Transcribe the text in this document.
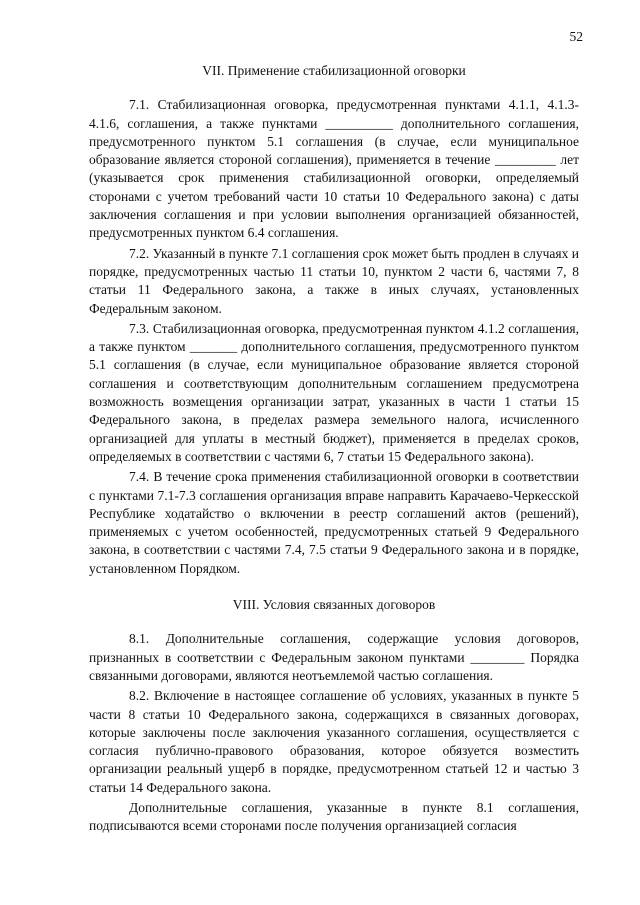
52
VII. Применение стабилизационной оговорки

7.1. Стабилизационная оговорка, предусмотренная пунктами 4.1.1, 4.1.3-4.1.6, соглашения, а также пунктами __________ дополнительного соглашения, предусмотренного пунктом 5.1 соглашения (в случае, если муниципальное образование является стороной соглашения), применяется в течение _________ лет (указывается срок применения стабилизационной оговорки, определяемый сторонами с учетом требований части 10 статьи 10 Федерального закона) с даты заключения соглашения и при условии выполнения организацией обязанностей, предусмотренных пунктом 6.4 соглашения.

7.2. Указанный в пункте 7.1 соглашения срок может быть продлен в случаях и порядке, предусмотренных частью 11 статьи 10, пунктом 2 части 6, частями 7, 8 статьи 11 Федерального закона, а также в иных случаях, установленных Федеральным законом.

7.3. Стабилизационная оговорка, предусмотренная пунктом 4.1.2 соглашения, а также пунктом _______ дополнительного соглашения, предусмотренного пунктом 5.1 соглашения (в случае, если муниципальное образование является стороной соглашения и соответствующим дополнительным соглашением предусмотрена возможность возмещения организации затрат, указанных в части 1 статьи 15 Федерального закона, в пределах размера земельного налога, исчисленного организацией для уплаты в местный бюджет), применяется в пределах сроков, определяемых в соответствии с частями 6, 7 статьи 15 Федерального закона).

7.4. В течение срока применения стабилизационной оговорки в соответствии с пунктами 7.1-7.3 соглашения организация вправе направить Карачаево-Черкесской Республике ходатайство о включении в реестр соглашений актов (решений), применяемых с учетом особенностей, предусмотренных статьей 9 Федерального закона, в соответствии с частями 7.4, 7.5 статьи 9 Федерального закона и в порядке, установленном Порядком.

VIII. Условия связанных договоров

8.1. Дополнительные соглашения, содержащие условия договоров, признанных в соответствии с Федеральным законом пунктами ________ Порядка связанными договорами, являются неотъемлемой частью соглашения.

8.2. Включение в настоящее соглашение об условиях, указанных в пункте 5 части 8 статьи 10 Федерального закона, содержащихся в связанных договорах, которые заключены после заключения указанного соглашения, осуществляется с согласия публично-правового образования, которое обязуется возместить организации реальный ущерб в порядке, предусмотренном статьей 12 и частью 3 статьи 14 Федерального закона.

Дополнительные соглашения, указанные в пункте 8.1 соглашения, подписываются всеми сторонами после получения организацией согласия
